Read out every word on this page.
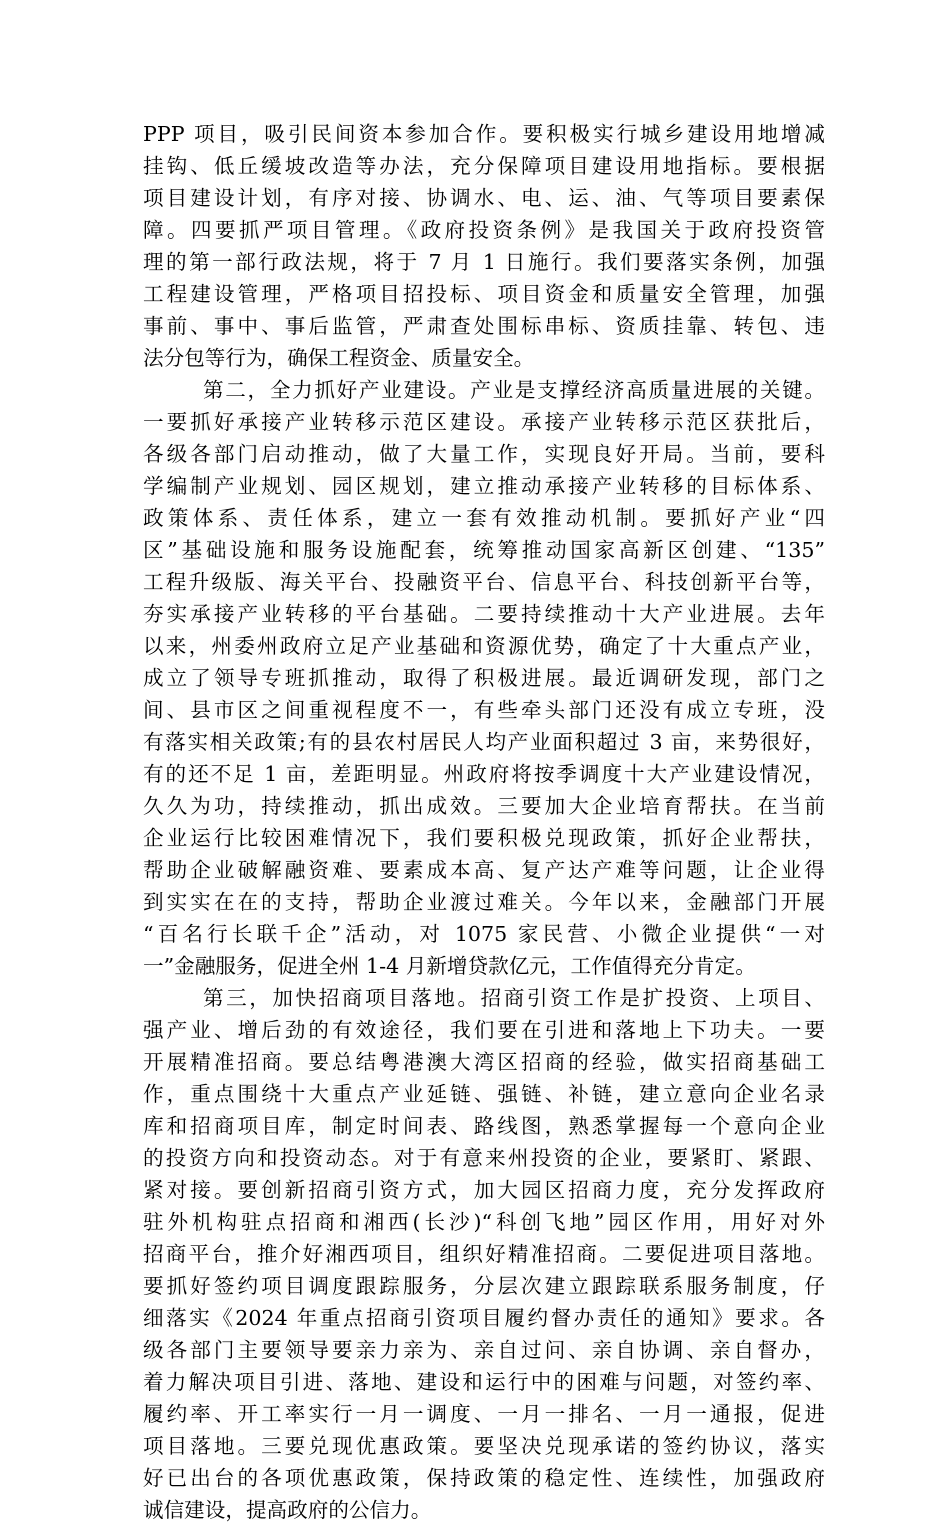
PPP 项目，吸引民间资本参加合作。要积极实行城乡建设用地增减
挂钩、低丘缓坡改造等办法，充分保障项目建设用地指标。要根据
项目建设计划，有序对接、协调水、电、运、油、气等项目要素保
障。四要抓严项目管理。《政府投资条例》是我国关于政府投资管
理的第一部行政法规，将于 7 月 1 日施行。我们要落实条例，加强
工程建设管理，严格项目招投标、项目资金和质量安全管理，加强
事前、事中、事后监管，严肃查处围标串标、资质挂靠、转包、违
法分包等行为，确保工程资金、质量安全。
第二，全力抓好产业建设。产业是支撑经济高质量进展的关键。
一要抓好承接产业转移示范区建设。承接产业转移示范区获批后，
各级各部门启动推动，做了大量工作，实现良好开局。当前，要科
学编制产业规划、园区规划，建立推动承接产业转移的目标体系、
政策体系、责任体系，建立一套有效推动机制。要抓好产业“四
区”基础设施和服务设施配套，统筹推动国家高新区创建、“135”
工程升级版、海关平台、投融资平台、信息平台、科技创新平台等，
夯实承接产业转移的平台基础。二要持续推动十大产业进展。去年
以来，州委州政府立足产业基础和资源优势，确定了十大重点产业，
成立了领导专班抓推动，取得了积极进展。最近调研发现，部门之
间、县市区之间重视程度不一，有些牵头部门还没有成立专班，没
有落实相关政策;有的县农村居民人均产业面积超过 3 亩，来势很好，
有的还不足 1 亩，差距明显。州政府将按季调度十大产业建设情况，
久久为功，持续推动，抓出成效。三要加大企业培育帮扶。在当前
企业运行比较困难情况下，我们要积极兑现政策，抓好企业帮扶，
帮助企业破解融资难、要素成本高、复产达产难等问题，让企业得
到实实在在的支持，帮助企业渡过难关。今年以来，金融部门开展
“百名行长联千企”活动，对 1075 家民营、小微企业提供“一对
一”金融服务，促进全州 1-4 月新增贷款亿元，工作值得充分肯定。
第三，加快招商项目落地。招商引资工作是扩投资、上项目、
强产业、增后劲的有效途径，我们要在引进和落地上下功夫。一要
开展精准招商。要总结粤港澳大湾区招商的经验，做实招商基础工
作，重点围绕十大重点产业延链、强链、补链，建立意向企业名录
库和招商项目库，制定时间表、路线图，熟悉掌握每一个意向企业
的投资方向和投资动态。对于有意来州投资的企业，要紧盯、紧跟、
紧对接。要创新招商引资方式，加大园区招商力度，充分发挥政府
驻外机构驻点招商和湘西(长沙)“科创飞地”园区作用，用好对外
招商平台，推介好湘西项目，组织好精准招商。二要促进项目落地。
要抓好签约项目调度跟踪服务，分层次建立跟踪联系服务制度，仔
细落实《2024 年重点招商引资项目履约督办责任的通知》要求。各
级各部门主要领导要亲力亲为、亲自过问、亲自协调、亲自督办，
着力解决项目引进、落地、建设和运行中的困难与问题，对签约率、
履约率、开工率实行一月一调度、一月一排名、一月一通报，促进
项目落地。三要兑现优惠政策。要坚决兑现承诺的签约协议，落实
好已出台的各项优惠政策，保持政策的稳定性、连续性，加强政府
诚信建设，提高政府的公信力。
